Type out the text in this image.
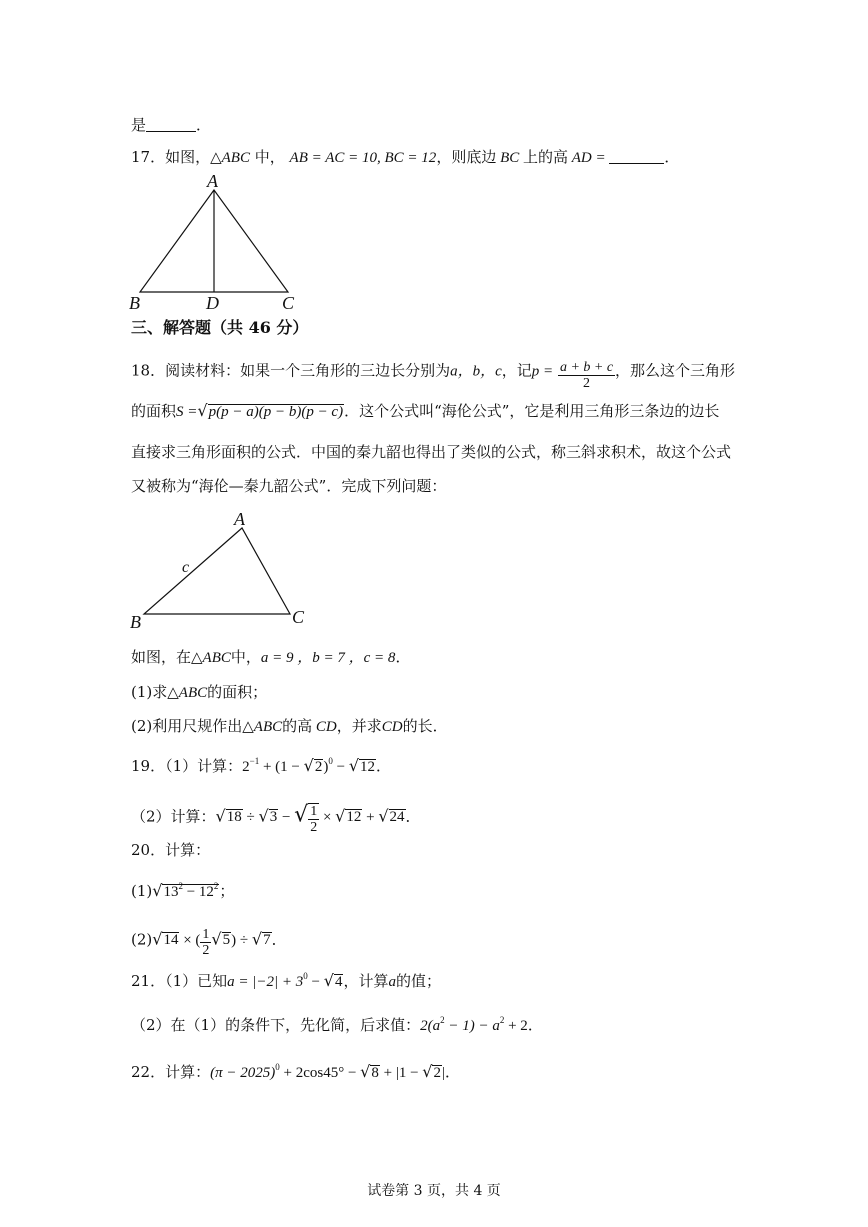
是	．
17．如图，△ABC 中， AB = AC = 10, BC = 12，则底边 BC 上的高 AD =	．
A
B	D	C
三、解答题（共 46 分）
18．阅读材料：如果一个三角形的三边长分别为a，b，c，记$p = \frac{a + b + c}{2}$ ，那么这个三角形
的面积S =√p(p − a)(p − b)(p − c)．这个公式叫“海伦公式”，它是利用三角形三条边的边长
直接求三角形面积的公式．中国的秦九韶也得出了类似的公式，称三斜求积术，故这个公式
又被称为“海伦—秦九韶公式”．完成下列问题：
A
c
B	C
如图，在△ABC中，a = 9 ，b = 7 ，c = 8．
(1)求△ABC的面积；
(2)利用尺规作出△ABC的高 CD，并求CD的长．
19．（1）计算：$2^{-1} + (1 - √2)^0 - √12$．
（2）计算：√18 ÷ √3 − √ $\frac{1}{2} \times √12 + √24$．
20．计算：
$(1)√13^2 - 12^2$；
(2)√14 × ( $\frac{1}{2} √5) \div √7$．
21．（1）已知$a = |-2| + 3^0 - √4$，计算a的值；
（2）在（1）的条件下，先化简，后求值：$2(a^2 - 1) - a^2 + 2$．
22．计算：$(\pi - 2025)^0 + 2\cos 45^\circ - √8 + |1 - √2|$．
试卷第 3 页，共 4 页
